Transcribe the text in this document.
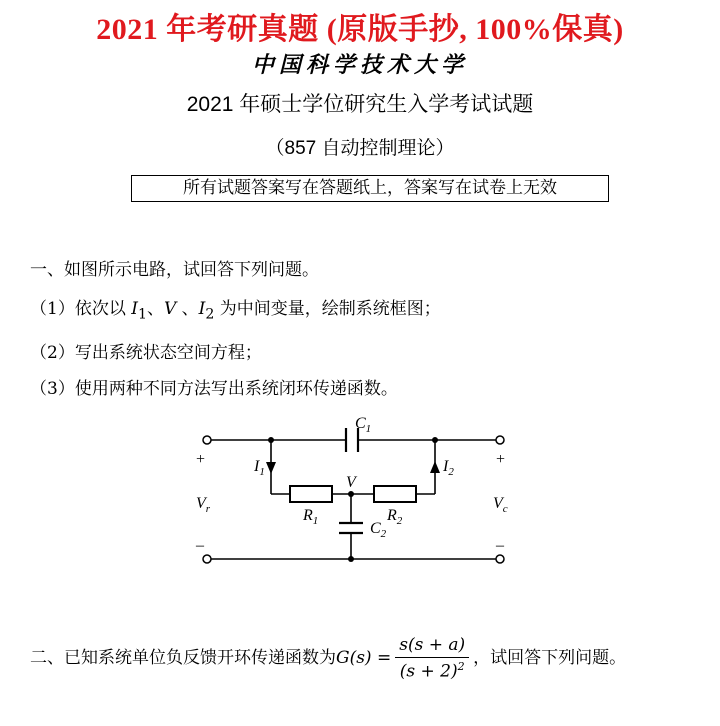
2021 年考研真题 (原版手抄, 100%保真)
中国科学技术大学
2021 年硕士学位研究生入学考试试题
（857 自动控制理论）
所有试题答案写在答题纸上，答案写在试卷上无效
一、如图所示电路，试回答下列问题。
（1）依次以 $I_1$、V 、$I_2$ 为中间变量，绘制系统框图；
（2）写出系统状态空间方程；
（3）使用两种不同方法写出系统闭环传递函数。
$C_1$
$I_1$	$I_2$
V
$R_1$	$R_2$
$C_2$
$V_r$	$V_c$
+	+
–	–
二、已知系统单位负反馈开环传递函数为$G(s) = \frac{s(s + a)}{(s + 2)^2}$ ，试回答下列问题。
